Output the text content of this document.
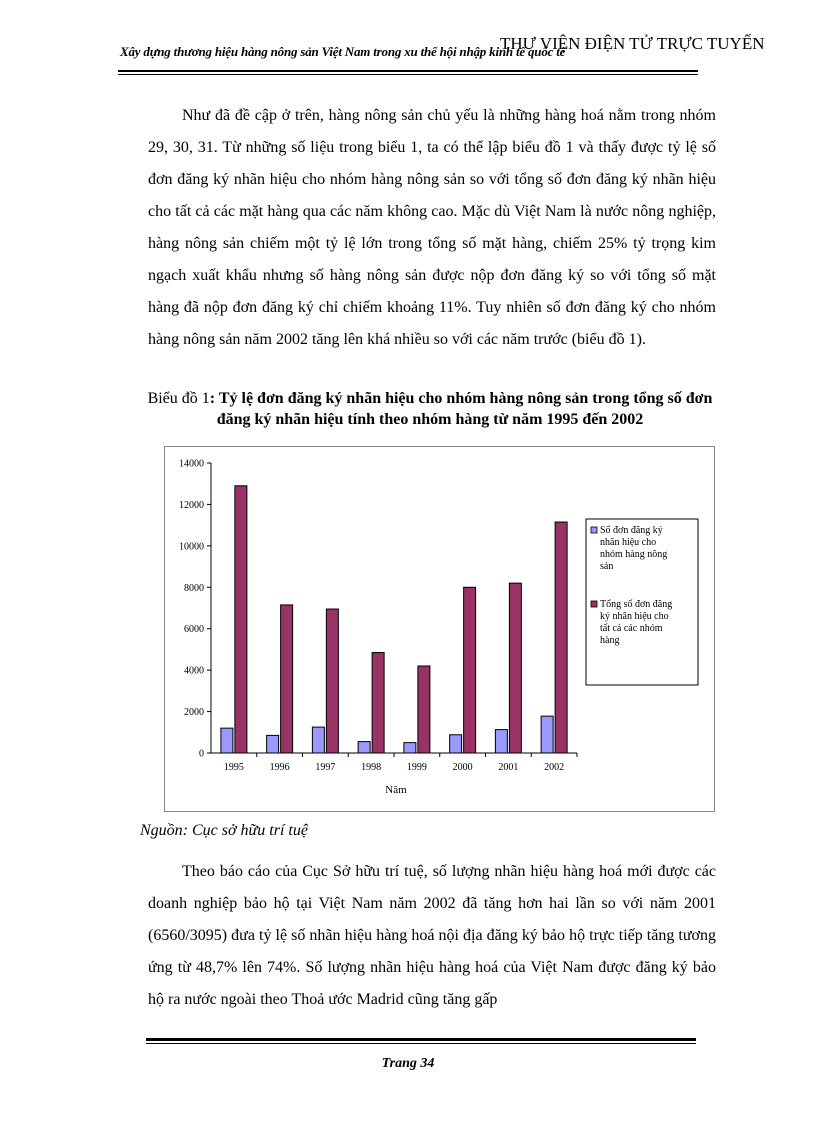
Xây dựng thương hiệu hàng nông sản Việt Nam trong xu thế hội nhập kinh tế quốc tế
THƯ VIỆN ĐIỆN TỬ TRỰC TUYẾN

Như đã đề cập ở trên, hàng nông sản chủ yếu là những hàng hoá nằm trong nhóm 29, 30, 31. Từ những số liệu trong biểu 1, ta có thể lập biểu đồ 1 và thấy được tỷ lệ số đơn đăng ký nhãn hiệu cho nhóm hàng nông sản so với tổng số đơn đăng ký nhãn hiệu cho tất cả các mặt hàng qua các năm không cao. Mặc dù Việt Nam là nước nông nghiệp, hàng nông sản chiếm một tỷ lệ lớn trong tổng số mặt hàng, chiếm 25% tỷ trọng kim ngạch xuất khẩu nhưng số hàng nông sản được nộp đơn đăng ký so với tổng số mặt hàng đã nộp đơn đăng ký chỉ chiếm khoảng 11%. Tuy nhiên số đơn đăng ký cho nhóm hàng nông sản năm 2002 tăng lên khá nhiều so với các năm trước (biểu đồ 1).

Biểu đồ 1: Tỷ lệ đơn đăng ký nhãn hiệu cho nhóm hàng nông sản trong tổng số đơn đăng ký nhãn hiệu tính theo nhóm hàng từ năm 1995 đến 2002
0
2000
4000
6000
8000
10000
12000
14000
1995	1996	1997	1998	1999	2000	2001	2002
Năm
Số đơn đăng ký nhãn hiệu cho nhóm hàng nông sản
Tổng số đơn đăng ký nhãn hiệu cho tất cả các nhóm hàng
Nguồn: Cục sở hữu trí tuệ

Theo báo cáo của Cục Sở hữu trí tuệ, số lượng nhãn hiệu hàng hoá mới được các doanh nghiệp bảo hộ tại Việt Nam năm 2002 đã tăng hơn hai lần so với năm 2001 (6560/3095) đưa tỷ lệ số nhãn hiệu hàng hoá nội địa đăng ký bảo hộ trực tiếp tăng tương ứng từ 48,7% lên 74%. Số lượng nhãn hiệu hàng hoá của Việt Nam được đăng ký bảo hộ ra nước ngoài theo Thoả ước Madrid cũng tăng gấp

Trang 34
